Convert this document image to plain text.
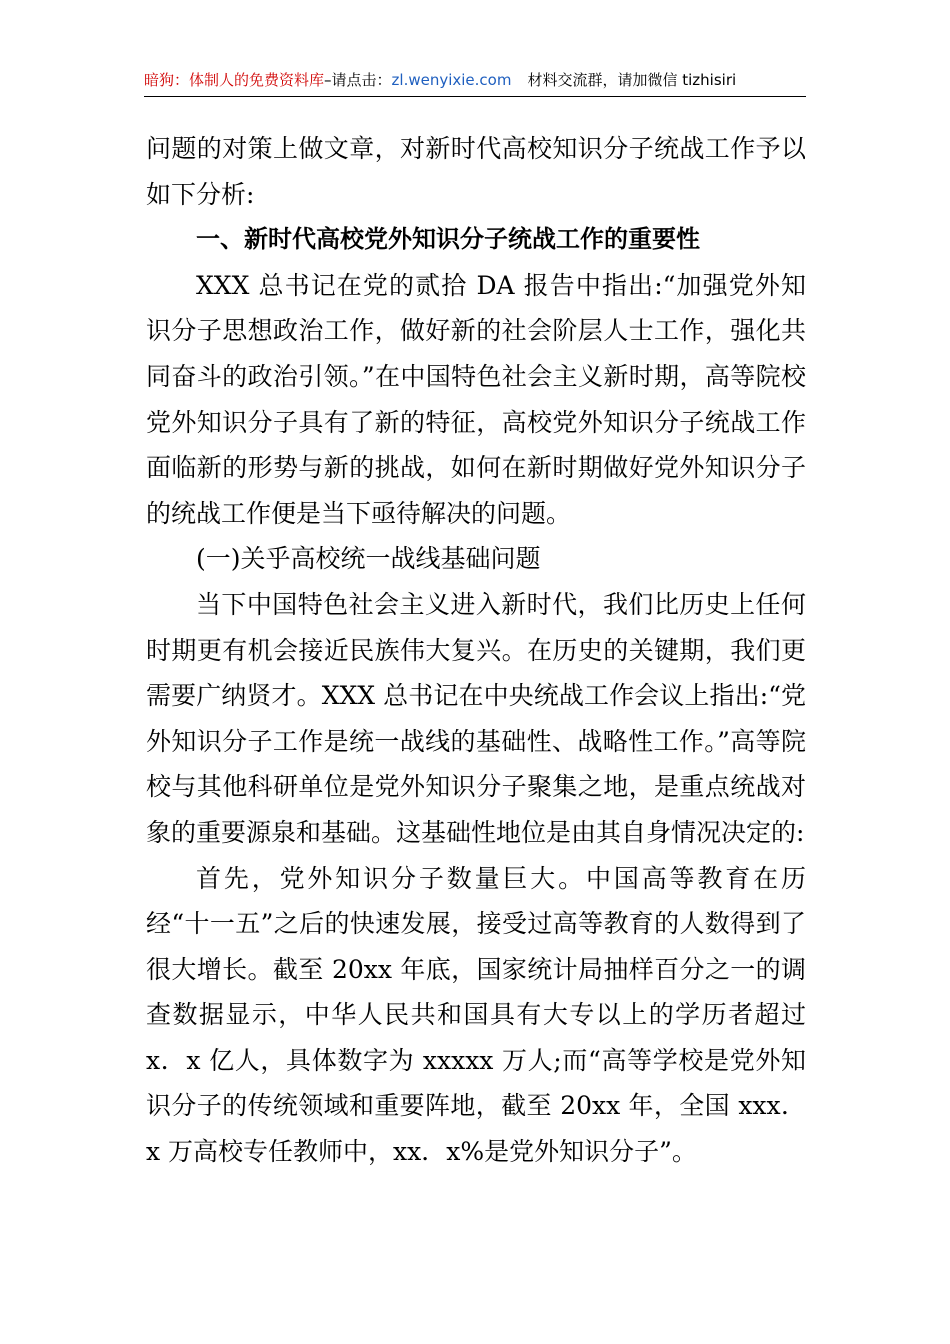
暗狗：体制人的免费资料库–请点击：zl.wenyixie.com 材料交流群，请加微信 tizhisiri

问题的对策上做文章，对新时代高校知识分子统战工作予以如下分析:

一、新时代高校党外知识分子统战工作的重要性

XXX 总书记在党的贰拾 DA 报告中指出:“加强党外知识分子思想政治工作，做好新的社会阶层人士工作，强化共同奋斗的政治引领。”在中国特色社会主义新时期，高等院校党外知识分子具有了新的特征，高校党外知识分子统战工作面临新的形势与新的挑战，如何在新时期做好党外知识分子的统战工作便是当下亟待解决的问题。

(一)关乎高校统一战线基础问题

当下中国特色社会主义进入新时代，我们比历史上任何时期更有机会接近民族伟大复兴。在历史的关键期，我们更需要广纳贤才。XXX 总书记在中央统战工作会议上指出:“党外知识分子工作是统一战线的基础性、战略性工作。”高等院校与其他科研单位是党外知识分子聚集之地，是重点统战对象的重要源泉和基础。这基础性地位是由其自身情况决定的:

首先，党外知识分子数量巨大。中国高等教育在历经“十一五”之后的快速发展，接受过高等教育的人数得到了很大增长。截至 20xx 年底，国家统计局抽样百分之一的调查数据显示，中华人民共和国具有大专以上的学历者超过 x．x 亿人，具体数字为 xxxxx 万人;而“高等学校是党外知识分子的传统领域和重要阵地，截至 20xx 年，全国 xxx．x 万高校专任教师中，xx．x%是党外知识分子”。
